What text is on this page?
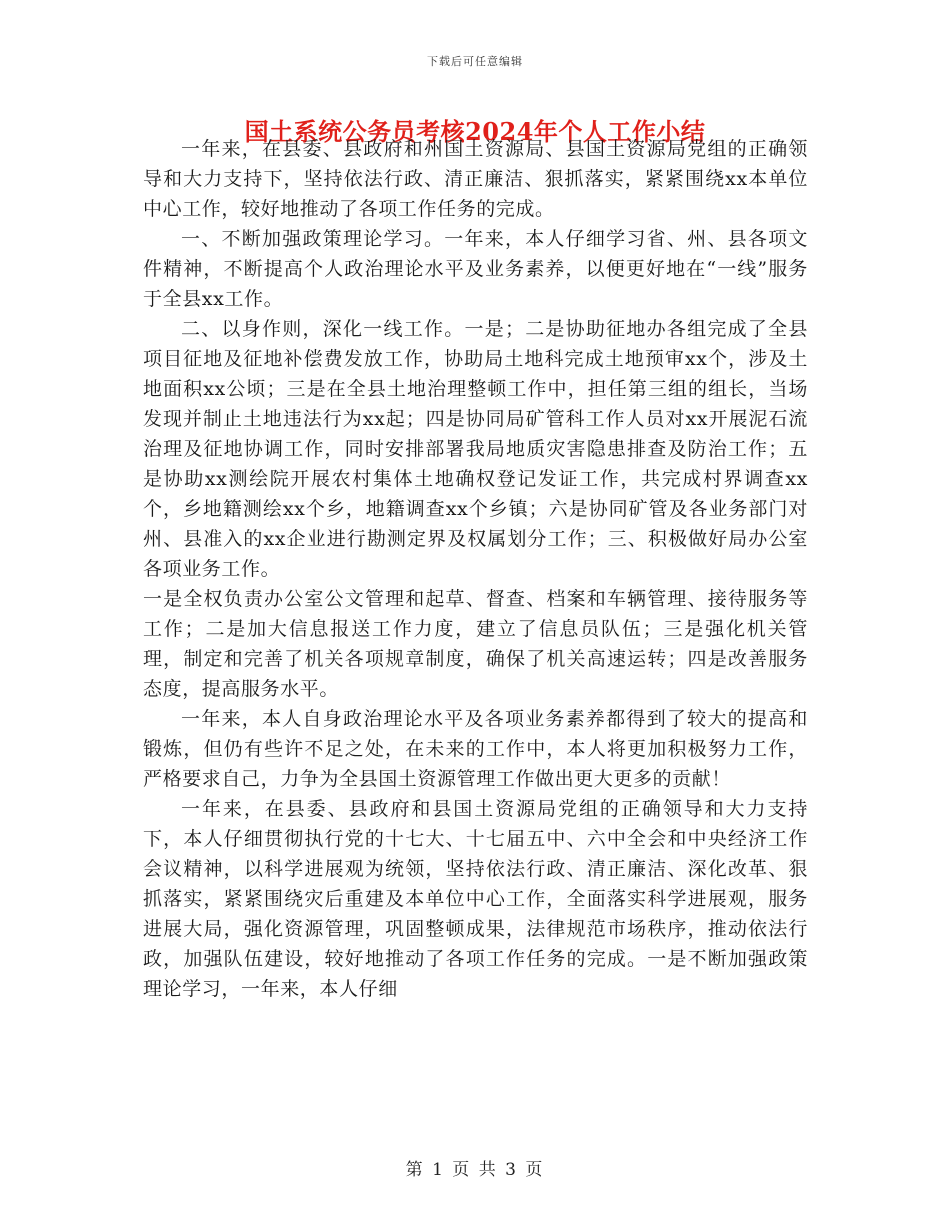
下载后可任意编辑
国土系统公务员考核2024年个人工作小结

一年来，在县委、县政府和州国土资源局、县国土资源局党组的正确领导和大力支持下，坚持依法行政、清正廉洁、狠抓落实，紧紧围绕xx本单位中心工作，较好地推动了各项工作任务的完成。

一、不断加强政策理论学习。一年来，本人仔细学习省、州、县各项文件精神，不断提高个人政治理论水平及业务素养，以便更好地在“一线”服务于全县xx工作。

二、以身作则，深化一线工作。一是；二是协助征地办各组完成了全县项目征地及征地补偿费发放工作，协助局土地科完成土地预审xx个，涉及土地面积xx公顷；三是在全县土地治理整顿工作中，担任第三组的组长，当场发现并制止土地违法行为xx起；四是协同局矿管科工作人员对xx开展泥石流治理及征地协调工作，同时安排部署我局地质灾害隐患排查及防治工作；五是协助xx测绘院开展农村集体土地确权登记发证工作，共完成村界调查xx个，乡地籍测绘xx个乡，地籍调查xx个乡镇；六是协同矿管及各业务部门对州、县准入的xx企业进行勘测定界及权属划分工作；三、积极做好局办公室各项业务工作。

一是全权负责办公室公文管理和起草、督查、档案和车辆管理、接待服务等工作；二是加大信息报送工作力度，建立了信息员队伍；三是强化机关管理，制定和完善了机关各项规章制度，确保了机关高速运转；四是改善服务态度，提高服务水平。

一年来，本人自身政治理论水平及各项业务素养都得到了较大的提高和锻炼，但仍有些许不足之处，在未来的工作中，本人将更加积极努力工作，严格要求自己，力争为全县国土资源管理工作做出更大更多的贡献！

一年来，在县委、县政府和县国土资源局党组的正确领导和大力支持下，本人仔细贯彻执行党的十七大、十七届五中、六中全会和中央经济工作会议精神，以科学进展观为统领，坚持依法行政、清正廉洁、深化改革、狠抓落实，紧紧围绕灾后重建及本单位中心工作，全面落实科学进展观，服务进展大局，强化资源管理，巩固整顿成果，法律规范市场秩序，推动依法行政，加强队伍建设，较好地推动了各项工作任务的完成。一是不断加强政策理论学习，一年来，本人仔细

第 1 页 共 3 页
